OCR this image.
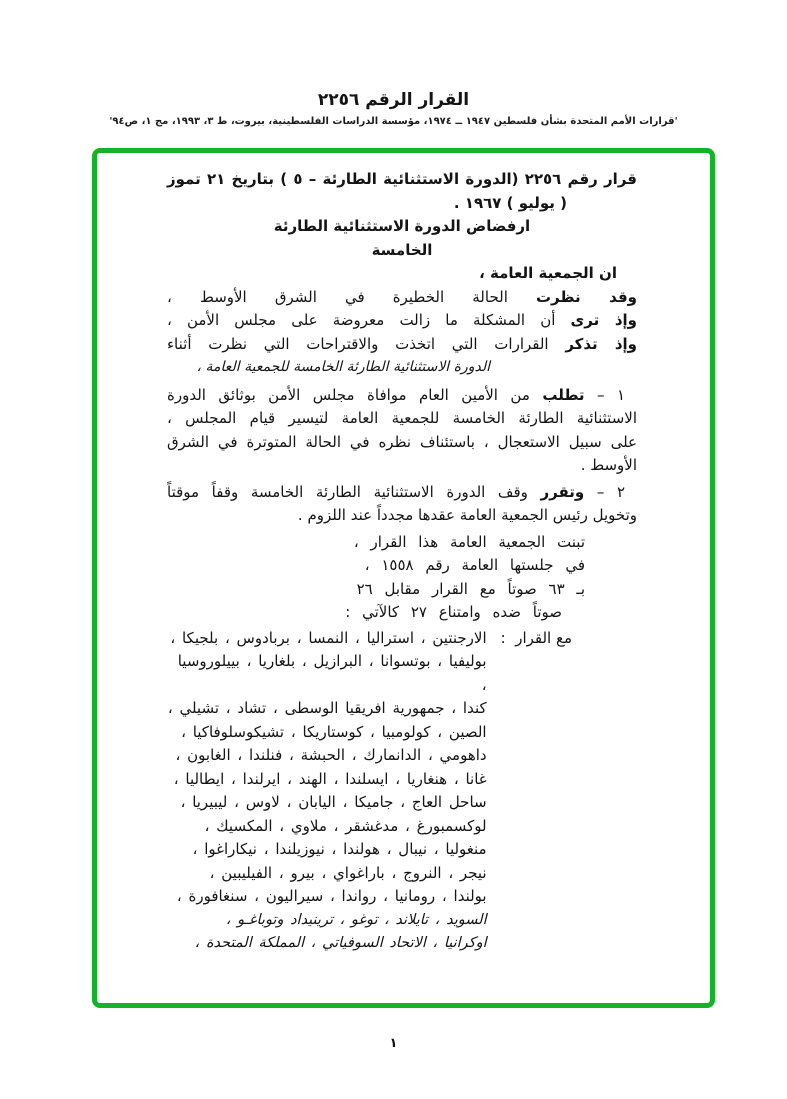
القرار الرقم ٢٢٥٦
'قرارات الأمم المتحدة بشأن فلسطين ١٩٤٧ ــ ١٩٧٤، مؤسسة الدراسات الفلسطينية، بيروت، ط ٣، ١٩٩٣، مج ١، ص٩٤'
قرار رقم ٢٢٥٦ (الدورة الاستثنائية الطارئة – ٥ ) بتاريخ ٢١ تموز
( يوليو ) ١٩٦٧ .
ارفضاض الدورة الاستثنائية الطارئة
الخامسة
ان الجمعية العامة ،
وقد نظرت الحالة الخطيرة في الشرق الأوسط ،
وإذ ترى أن المشكلة ما زالت معروضة على مجلس الأمن ،
وإذ تذكر القرارات التي اتخذت والاقتراحات التي نظرت أثناء
الدورة الاستثنائية الطارئة الخامسة للجمعية العامة ،
١ – تطلب من الأمين العام موافاة مجلس الأمن بوثائق الدورة
الاستثنائية الطارئة الخامسة للجمعية العامة لتيسير قيام المجلس ،
على سبيل الاستعجال ، باستئناف نظره في الحالة المتوترة في الشرق
الأوسط .
٢ – وتقرر وقف الدورة الاستثنائية الطارئة الخامسة وقفاً موقتاً
وتخويل رئيس الجمعية العامة عقدها مجدداً عند اللزوم .
تبنت الجمعية العامة هذا القرار ،
في جلستها العامة رقم ١٥٥٨ ،
بـ ٦٣ صوتاً مع القرار مقابل ٢٦
صوتاً ضده وامتناع ٢٧ كالآتي :
مع القرار  :
الارجنتين ، استراليا ، النمسا ، بربادوس ، بلجيكا ،
بوليفيا ، بوتسوانا ، البرازيل ، بلغاريا ، بييلوروسيا ،
كندا ، جمهورية افريقيا الوسطى ، تشاد ، تشيلي ،
الصين ، كولومبيا ، كوستاريكا ، تشيكوسلوفاكيا ،
داهومي ، الدانمارك ، الحبشة ، فنلندا ، الغابون ،
غانا ، هنغاريا ، ايسلندا ، الهند ، ايرلندا ، ايطاليا ،
ساحل العاج ، جاميكا ، اليابان ، لاوس ، ليبيريا ،
لوكسمبورغ ، مدغشقر ، ملاوي ، المكسيك ،
منغوليا ، نيبال ، هولندا ، نيوزيلندا ، نيكاراغوا ،
نيجر ، النروج ، باراغواي ، بيرو ، الفيليبين ،
بولندا ، رومانيا ، رواندا ، سيراليون ، سنغافورة ،
السويد ، تايلاند ، توغو ، ترينيداد وتوباغـو ،
اوكرانيا ، الاتحاد السوفياتي ، المملكة المتحدة ،
١
